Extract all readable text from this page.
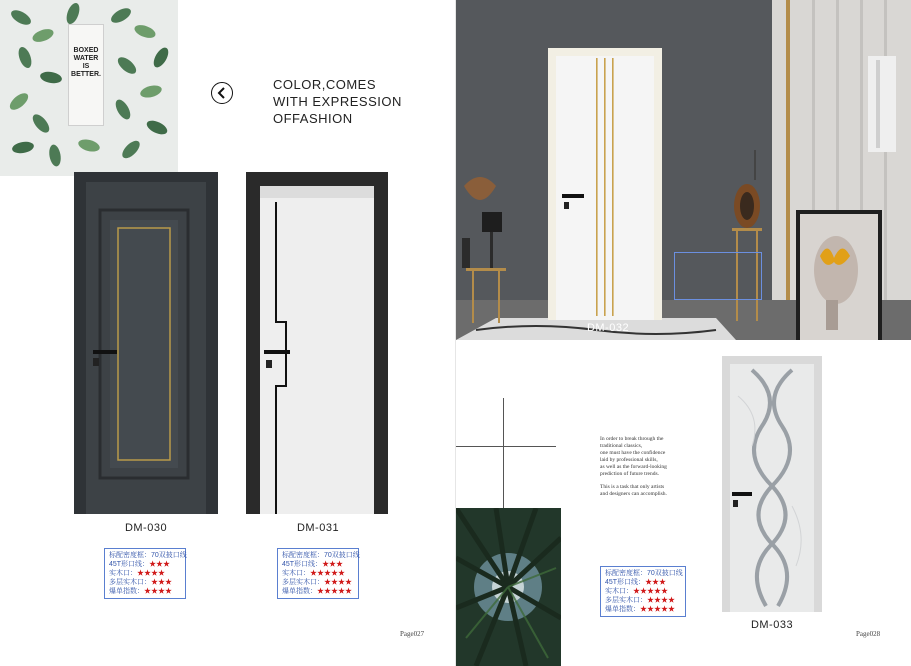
BOXED
WATER
IS
BETTER.
COLOR,COMES
WITH EXPRESSION
OFFASHION
DM-030
标配密度框：70双披口线
45T形口线：★★★
实木口：★★★★
多层实木口：★★★
爆单指数：★★★★
DM-031
标配密度框：70双披口线
45T形口线：★★★
实木口：★★★★★
多层实木口：★★★★
爆单指数：★★★★★
Page027
DM-032
In order to break through the
traditional classics,
one must have the confidence
laid by professional skills,
as well as the forward-looking
prediction of future trends.
This is a task that only artists
and designers can accomplish.
DM-033
标配密度框：70双披口线
45T形口线：★★★
实木口：★★★★★
多层实木口：★★★★
爆单指数：★★★★★
Page028
